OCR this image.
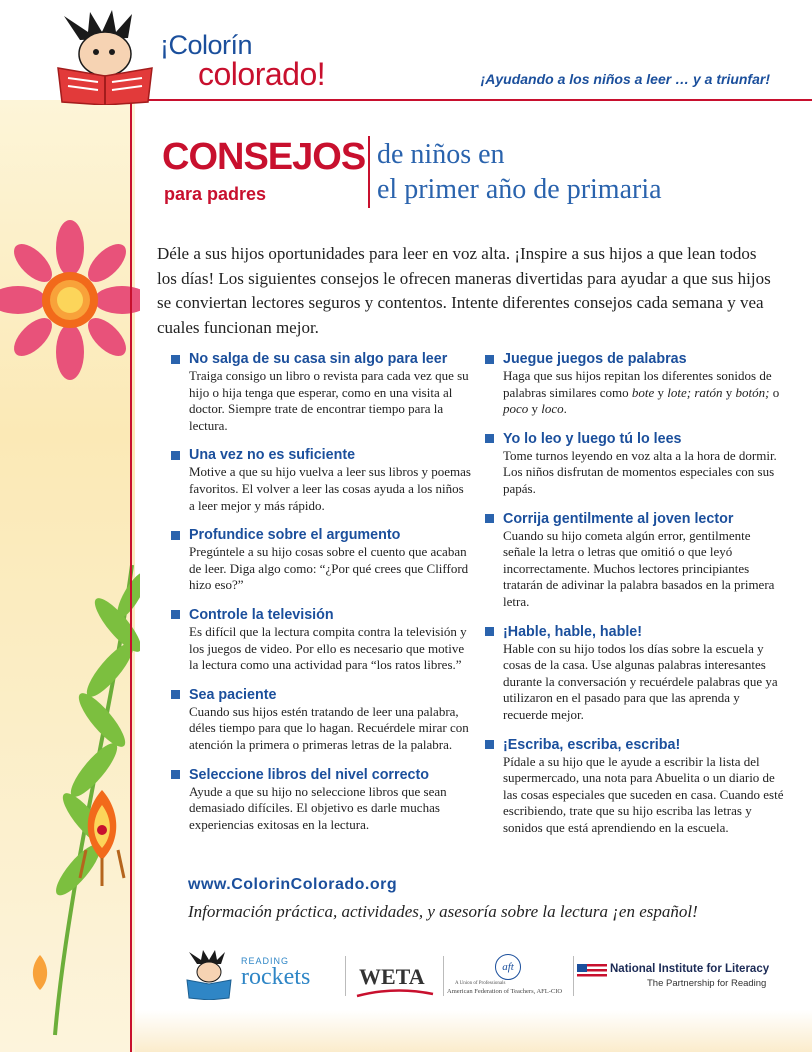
¡Colorín
colorado!	¡Ayudando a los niños a leer … y a triunfar!
CONSEJOS
para padres
de niños en
el primer año de primaria
Déle a sus hijos oportunidades para leer en voz alta. ¡Inspire a sus hijos a que lean todos los días! Los siguientes consejos le ofrecen maneras divertidas para ayudar a que sus hijos se conviertan lectores seguros y contentos. Intente diferentes consejos cada semana y vea cuales funcionan mejor.
No salga de su casa sin algo para leer
Traiga consigo un libro o revista para cada vez que su hijo o hija tenga que esperar, como en una visita al doctor. Siempre trate de encontrar tiempo para la lectura.
Una vez no es suficiente
Motive a que su hijo vuelva a leer sus libros y poemas favoritos. El volver a leer las cosas ayuda a los niños a leer mejor y más rápido.
Profundice sobre el argumento
Pregúntele a su hijo cosas sobre el cuento que acaban de leer. Diga algo como: “¿Por qué crees que Clifford hizo eso?”
Controle la televisión
Es difícil que la lectura compita contra la televisión y los juegos de video. Por ello es necesario que motive la lectura como una actividad para “los ratos libres.”
Sea paciente
Cuando sus hijos estén tratando de leer una palabra, déles tiempo para que lo hagan. Recuérdele mirar con atención la primera o primeras letras de la palabra.
Seleccione libros del nivel correcto
Ayude a que su hijo no seleccione libros que sean demasiado difíciles. El objetivo es darle muchas experiencias exitosas en la lectura.
Juegue juegos de palabras
Haga que sus hijos repitan los diferentes sonidos de palabras similares como bote y lote; ratón y botón; o poco y loco.
Yo lo leo y luego tú lo lees
Tome turnos leyendo en voz alta a la hora de dormir. Los niños disfrutan de momentos especiales con sus papás.
Corrija gentilmente al joven lector
Cuando su hijo cometa algún error, gentilmente señale la letra o letras que omitió o que leyó incorrectamente. Muchos lectores principiantes tratarán de adivinar la palabra basados en la primera letra.
¡Hable, hable, hable!
Hable con su hijo todos los días sobre la escuela y cosas de la casa. Use algunas palabras interesantes durante la conversación y recuérdele palabras que ya utilizaron en el pasado para que las aprenda y recuerde mejor.
¡Escriba, escriba, escriba!
Pídale a su hijo que le ayude a escribir la lista del supermercado, una nota para Abuelita o un diario de las cosas especiales que suceden en casa. Cuando esté escribiendo, trate que su hijo escriba las letras y sonidos que está aprendiendo en la escuela.
www.ColorinColorado.org
Información práctica, actividades, y asesoría sobre la lectura ¡en español!
READING
rockets WETA	aft
A Union of Professionals
American Federation of Teachers, AFL-CIO
National Institute for Literacy
The Partnership for Reading
